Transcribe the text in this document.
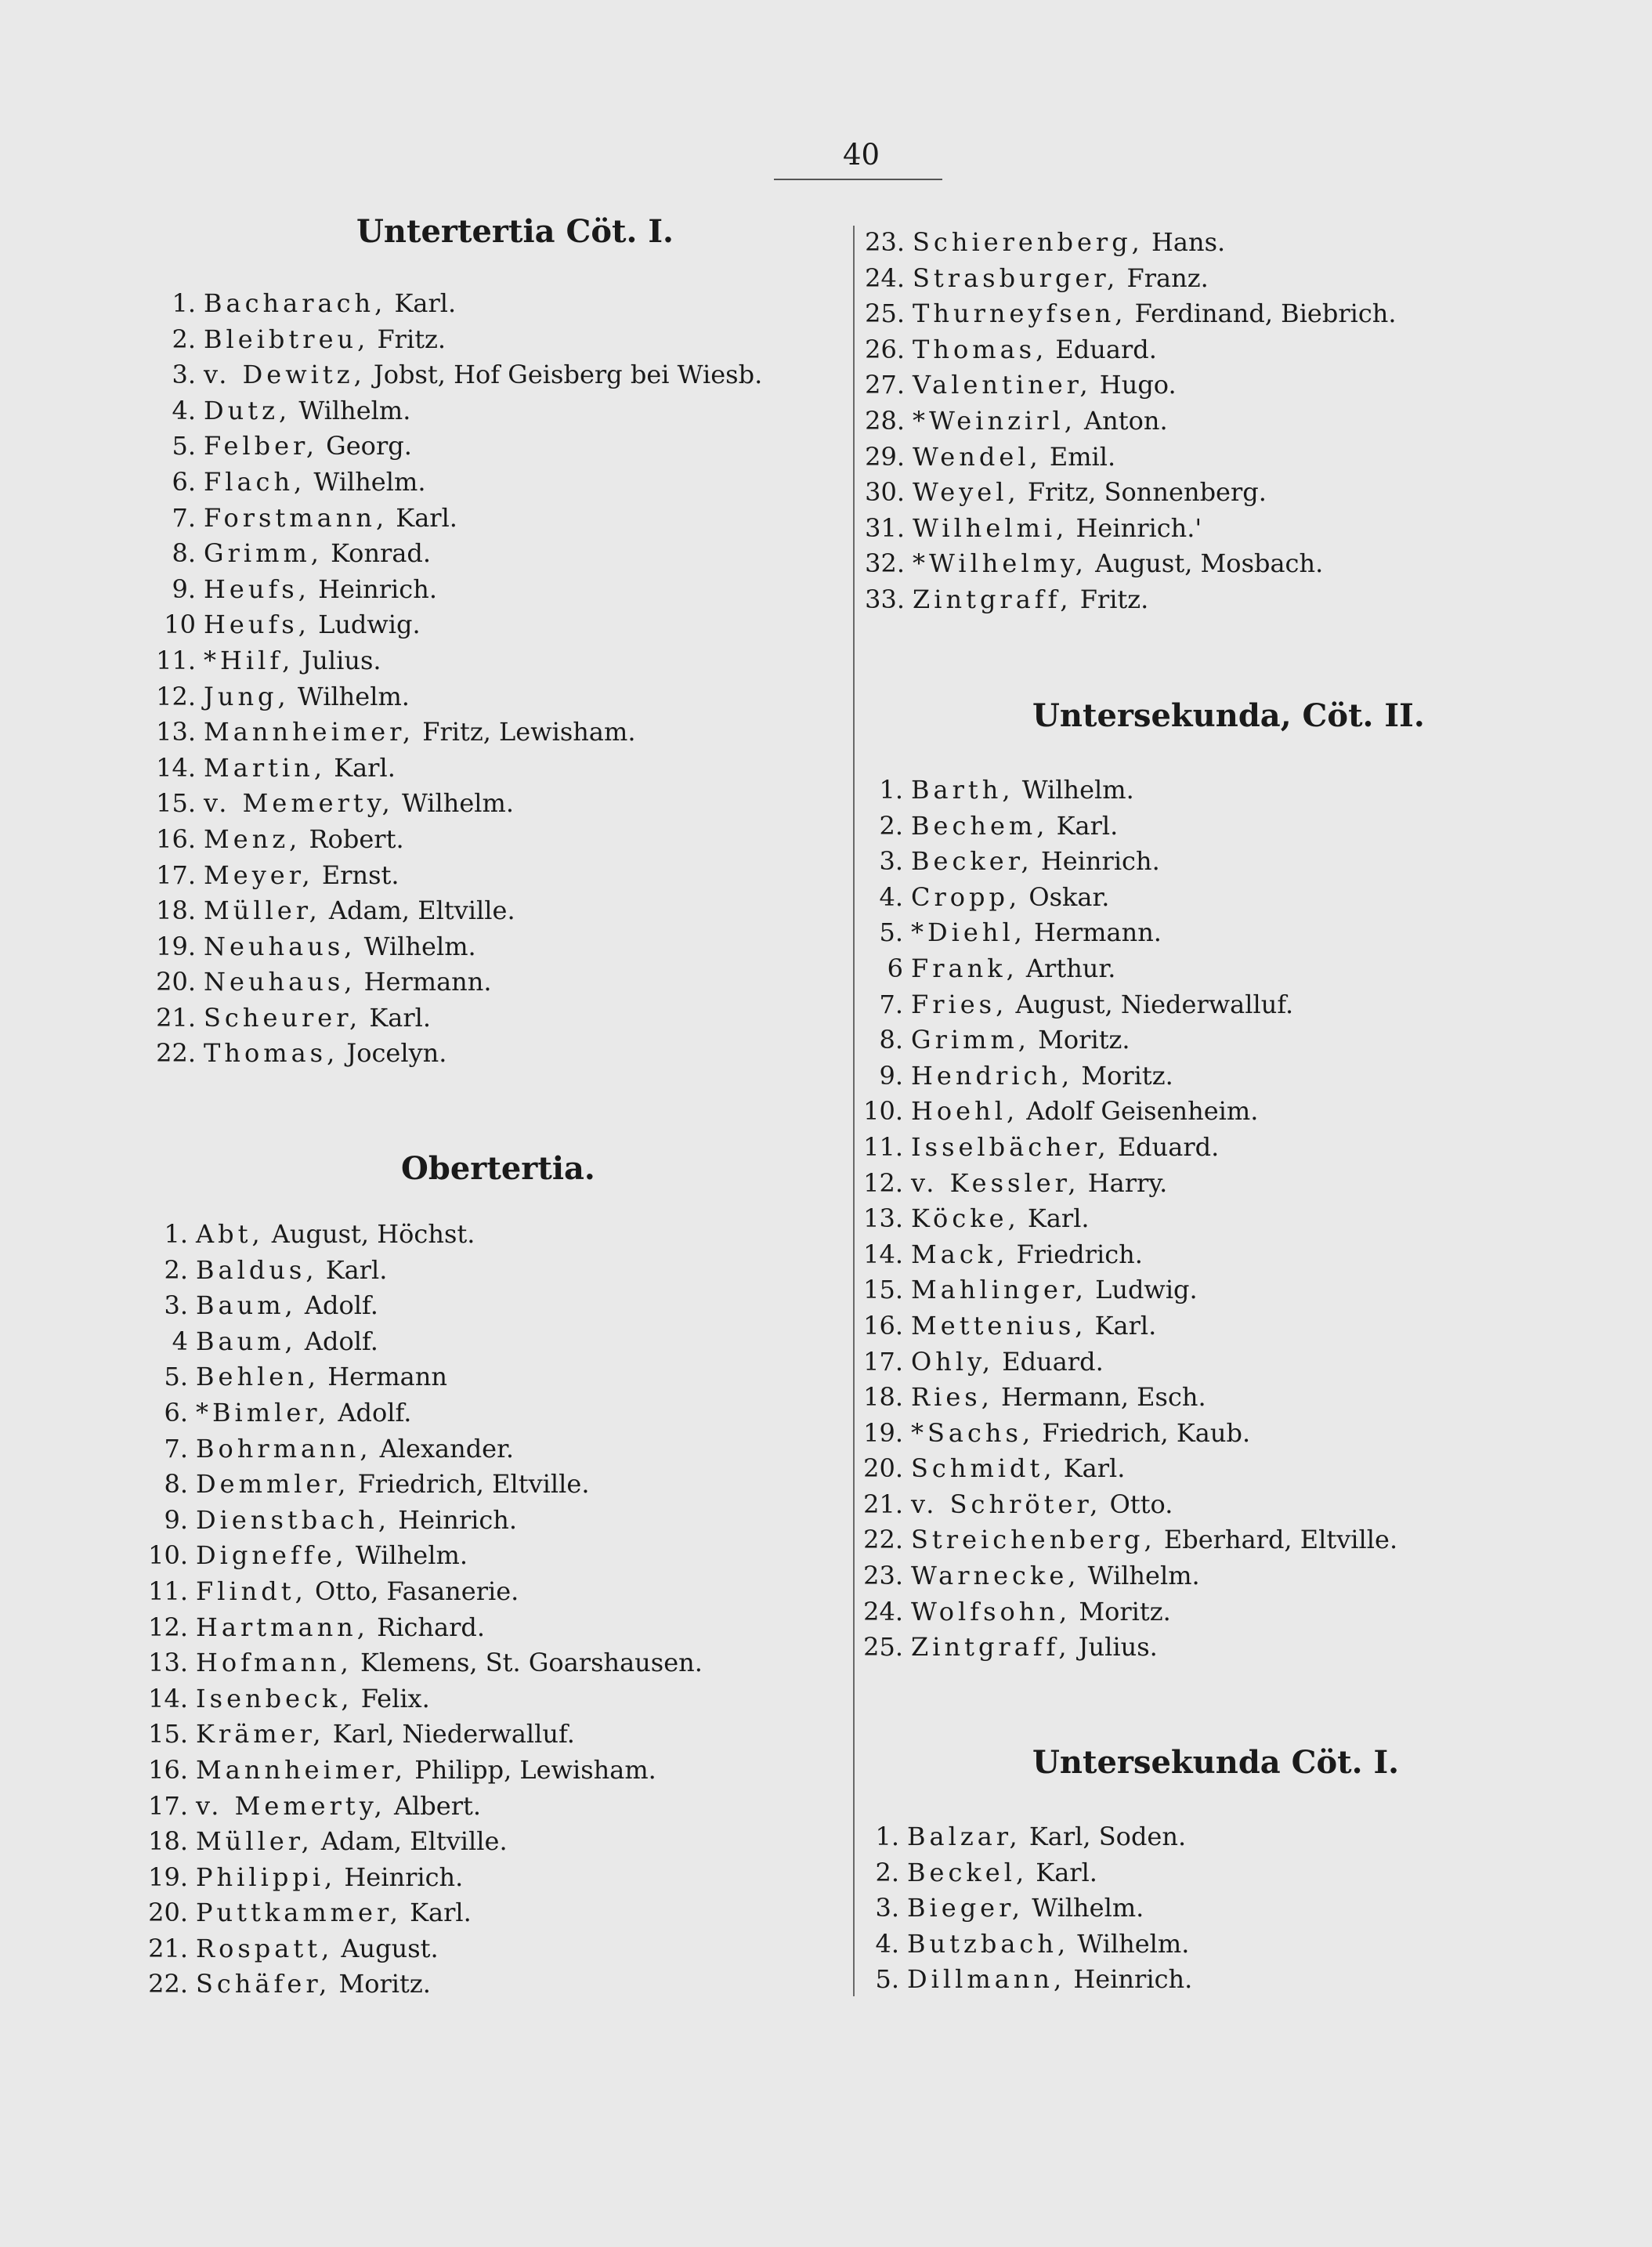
40
Untertertia Cöt. I.
1. Bacharach, Karl.
2. Bleibtreu, Fritz.
3. v. Dewitz, Jobst, Hof Geisberg bei Wiesb.
4. Dutz, Wilhelm.
5. Felber, Georg.
6. Flach, Wilhelm.
7. Forstmann, Karl.
8. Grimm, Konrad.
9. Heufs, Heinrich.
10 Heufs, Ludwig.
11. *Hilf, Julius.
12. Jung, Wilhelm.
13. Mannheimer, Fritz, Lewisham.
14. Martin, Karl.
15. v. Memerty, Wilhelm.
16. Menz, Robert.
17. Meyer, Ernst.
18. Müller, Adam, Eltville.
19. Neuhaus, Wilhelm.
20. Neuhaus, Hermann.
21. Scheurer, Karl.
22. Thomas, Jocelyn.
Obertertia.
1. Abt, August, Höchst.
2. Baldus, Karl.
3. Baum, Adolf.
4 Baum, Adolf.
5. Behlen, Hermann
6. *Bimler, Adolf.
7. Bohrmann, Alexander.
8. Demmler, Friedrich, Eltville.
9. Dienstbach, Heinrich.
10. Digneffe, Wilhelm.
11. Flindt, Otto, Fasanerie.
12. Hartmann, Richard.
13. Hofmann, Klemens, St. Goarshausen.
14. Isenbeck, Felix.
15. Krämer, Karl, Niederwalluf.
16. Mannheimer, Philipp, Lewisham.
17. v. Memerty, Albert.
18. Müller, Adam, Eltville.
19. Philippi, Heinrich.
20. Puttkammer, Karl.
21. Rospatt, August.
22. Schäfer, Moritz.
23. Schierenberg, Hans.
24. Strasburger, Franz.
25. Thurneyfsen, Ferdinand, Biebrich.
26. Thomas, Eduard.
27. Valentiner, Hugo.
28. *Weinzirl, Anton.
29. Wendel, Emil.
30. Weyel, Fritz, Sonnenberg.
31. Wilhelmi, Heinrich.'
32. *Wilhelmy, August, Mosbach.
33. Zintgraff, Fritz.
Untersekunda, Cöt. II.
1. Barth, Wilhelm.
2. Bechem, Karl.
3. Becker, Heinrich.
4. Cropp, Oskar.
5. *Diehl, Hermann.
6 Frank, Arthur.
7. Fries, August, Niederwalluf.
8. Grimm, Moritz.
9. Hendrich, Moritz.
10. Hoehl, Adolf Geisenheim.
11. Isselbächer, Eduard.
12. v. Kessler, Harry.
13. Köcke, Karl.
14. Mack, Friedrich.
15. Mahlinger, Ludwig.
16. Mettenius, Karl.
17. Ohly, Eduard.
18. Ries, Hermann, Esch.
19. *Sachs, Friedrich, Kaub.
20. Schmidt, Karl.
21. v. Schröter, Otto.
22. Streichenberg, Eberhard, Eltville.
23. Warnecke, Wilhelm.
24. Wolfsohn, Moritz.
25. Zintgraff, Julius.
Untersekunda Cöt. I.
1. Balzar, Karl, Soden.
2. Beckel, Karl.
3. Bieger, Wilhelm.
4. Butzbach, Wilhelm.
5. Dillmann, Heinrich.
